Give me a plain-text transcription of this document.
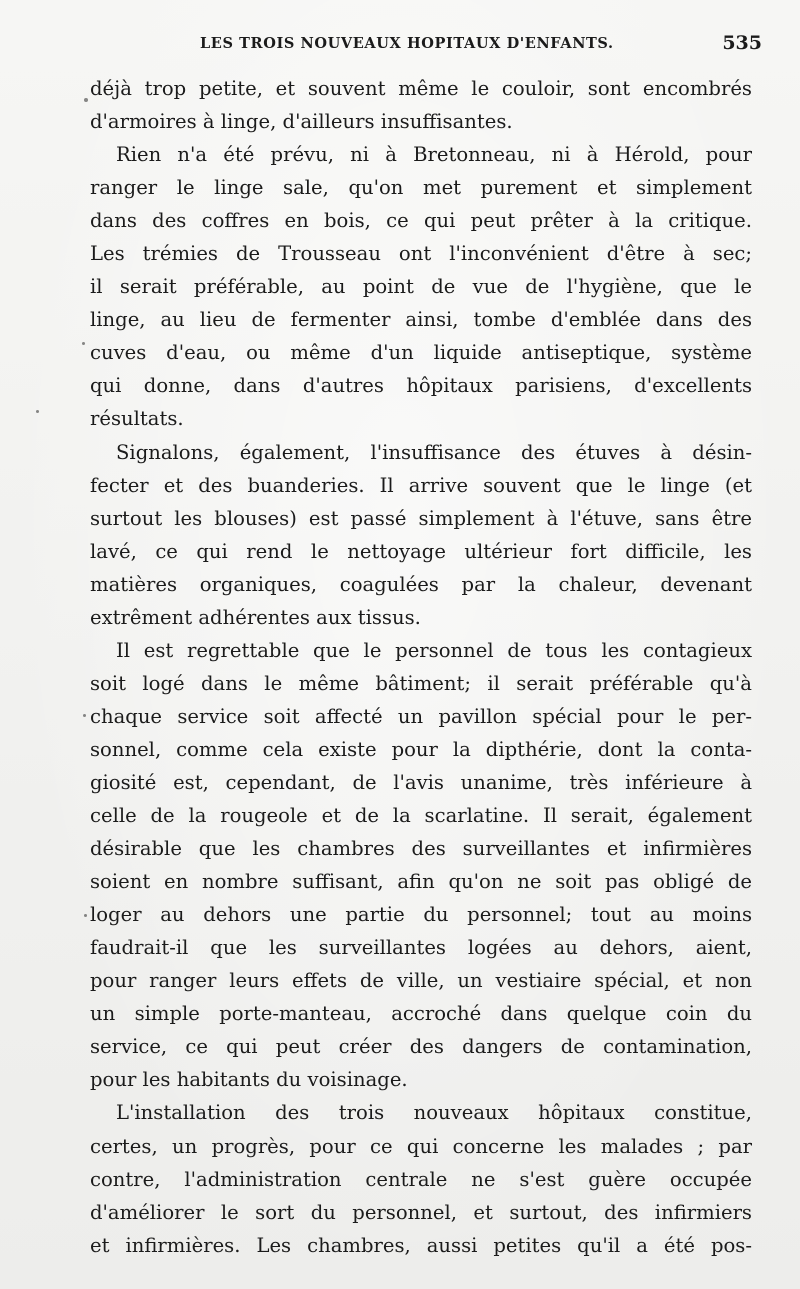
LES TROIS NOUVEAUX HOPITAUX D'ENFANTS.	535
déjà trop petite, et souvent même le couloir, sont encombrés
d'armoires à linge, d'ailleurs insuffisantes.
Rien n'a été prévu, ni à Bretonneau, ni à Hérold, pour
ranger le linge sale, qu'on met purement et simplement
dans des coffres en bois, ce qui peut prêter à la critique.
Les trémies de Trousseau ont l'inconvénient d'être à sec;
il serait préférable, au point de vue de l'hygiène, que le
linge, au lieu de fermenter ainsi, tombe d'emblée dans des
cuves d'eau, ou même d'un liquide antiseptique, système
qui donne, dans d'autres hôpitaux parisiens, d'excellents
résultats.
Signalons, également, l'insuffisance des étuves à désin-
fecter et des buanderies. Il arrive souvent que le linge (et
surtout les blouses) est passé simplement à l'étuve, sans être
lavé, ce qui rend le nettoyage ultérieur fort difficile, les
matières organiques, coagulées par la chaleur, devenant
extrêment adhérentes aux tissus.
Il est regrettable que le personnel de tous les contagieux
soit logé dans le même bâtiment; il serait préférable qu'à
chaque service soit affecté un pavillon spécial pour le per-
sonnel, comme cela existe pour la dipthérie, dont la conta-
giosité est, cependant, de l'avis unanime, très inférieure à
celle de la rougeole et de la scarlatine. Il serait, également
désirable que les chambres des surveillantes et infirmières
soient en nombre suffisant, afin qu'on ne soit pas obligé de
loger au dehors une partie du personnel; tout au moins
faudrait-il que les surveillantes logées au dehors, aient,
pour ranger leurs effets de ville, un vestiaire spécial, et non
un simple porte-manteau, accroché dans quelque coin du
service, ce qui peut créer des dangers de contamination,
pour les habitants du voisinage.
L'installation des trois nouveaux hôpitaux constitue,
certes, un progrès, pour ce qui concerne les malades ; par
contre, l'administration centrale ne s'est guère occupée
d'améliorer le sort du personnel, et surtout, des infirmiers
et infirmières. Les chambres, aussi petites qu'il a été pos-
